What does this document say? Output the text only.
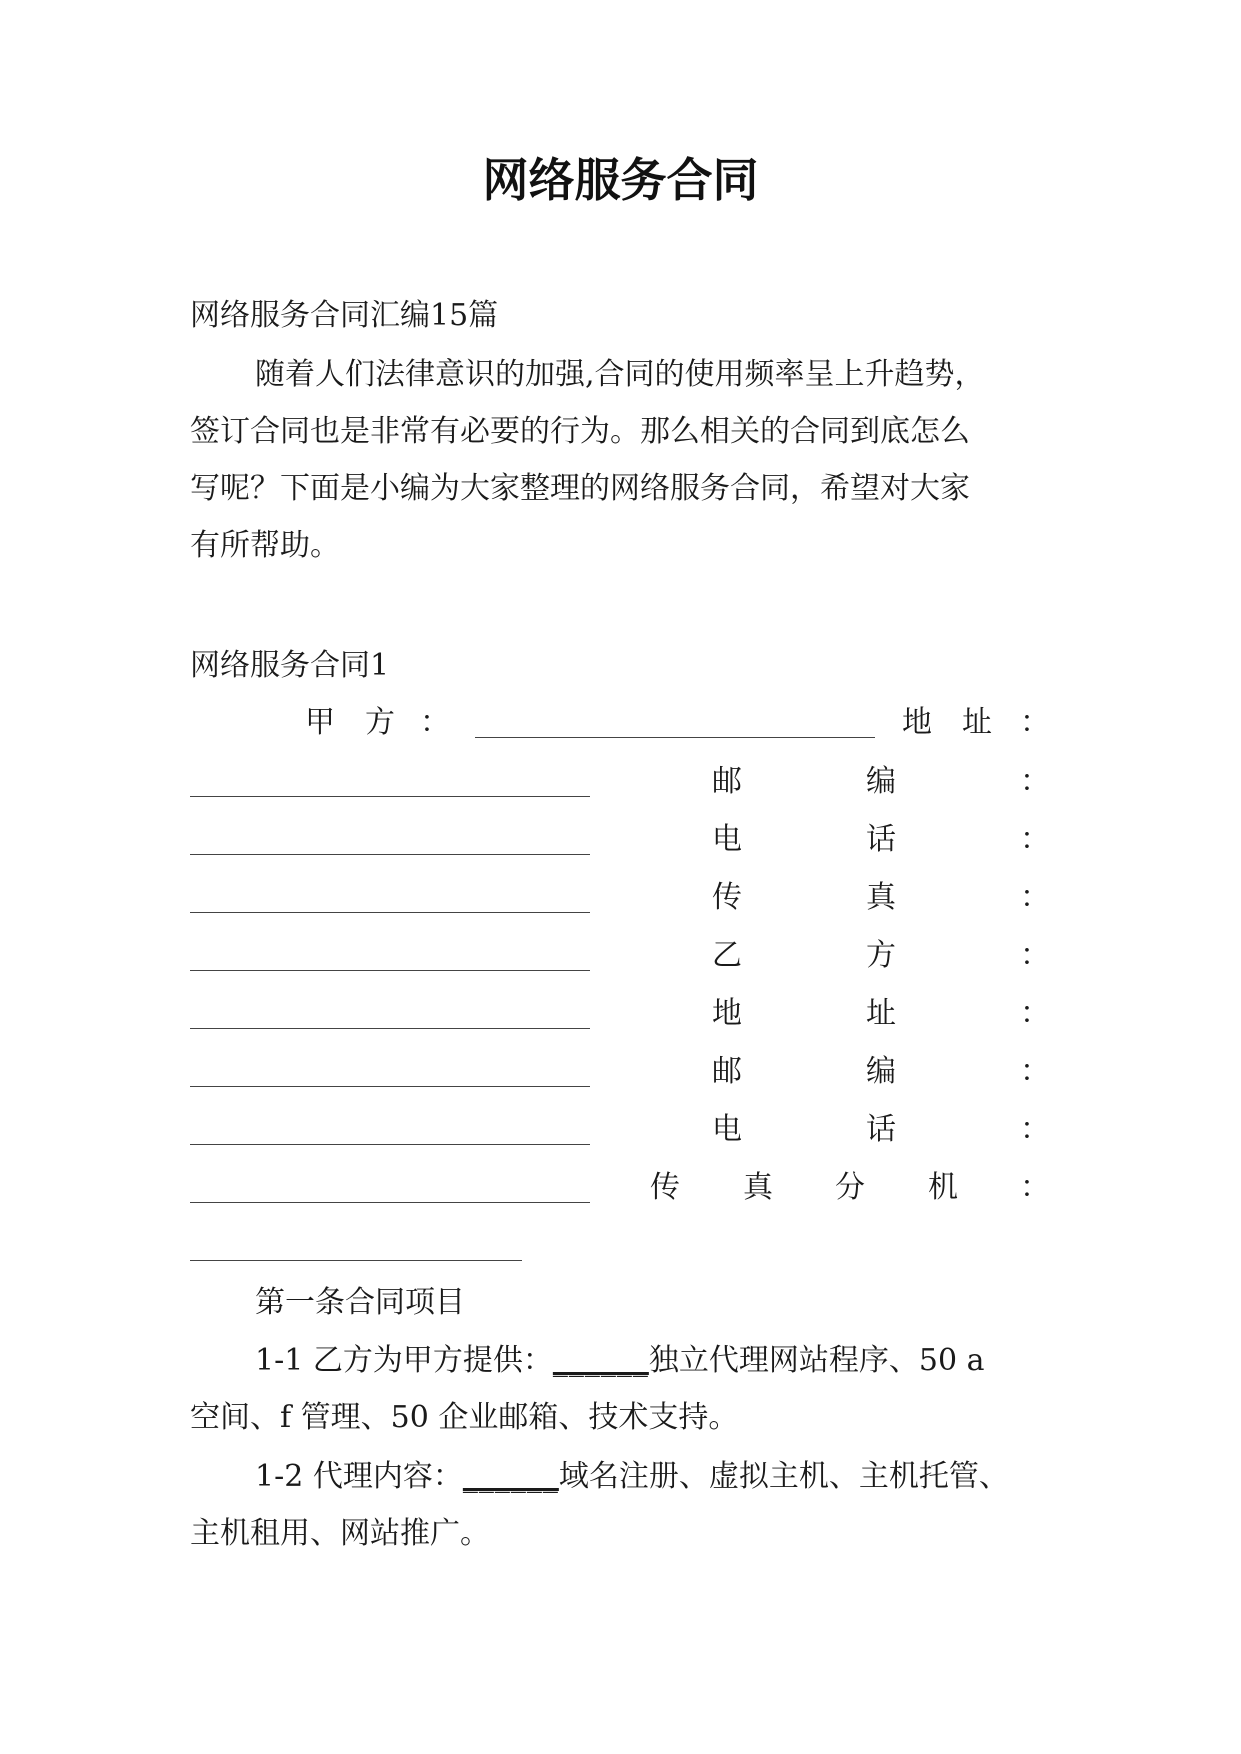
网络服务合同
网络服务合同汇编15篇
随着人们法律意识的加强,合同的使用频率呈上升趋势，
签订合同也是非常有必要的行为。那么相关的合同到底怎么
写呢？下面是小编为大家整理的网络服务合同，希望对大家
有所帮助。
网络服务合同1
甲 方 ：	地 址 ：
邮	编	：
电	话	：
传	真	：
乙	方	：
地	址	：
邮	编	：
电	话	：
传 真 分 机 ：
第一条合同项目
1-1 乙方为甲方提供：______独立代理网站程序、50 a
空间、f 管理、50 企业邮箱、技术支持。
1-2 代理内容：______域名注册、虚拟主机、主机托管、
主机租用、网站推广。
